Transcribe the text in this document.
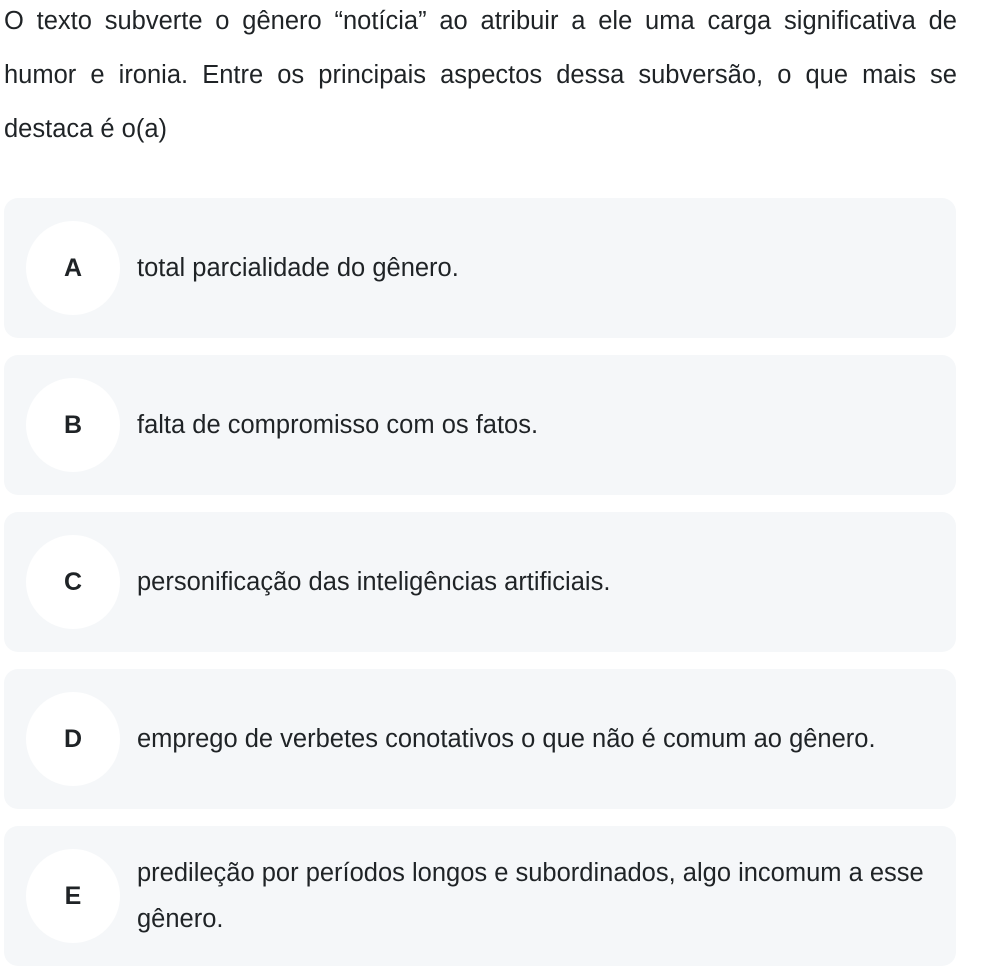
O texto subverte o gênero “notícia” ao atribuir a ele uma carga significativa de humor e ironia. Entre os principais aspectos dessa subversão, o que mais se destaca é o(a)

A	total parcialidade do gênero.
B	falta de compromisso com os fatos.
C	personificação das inteligências artificiais.
D	emprego de verbetes conotativos o que não é comum ao gênero.
E
predileção por períodos longos e subordinados, algo incomum a esse gênero.
